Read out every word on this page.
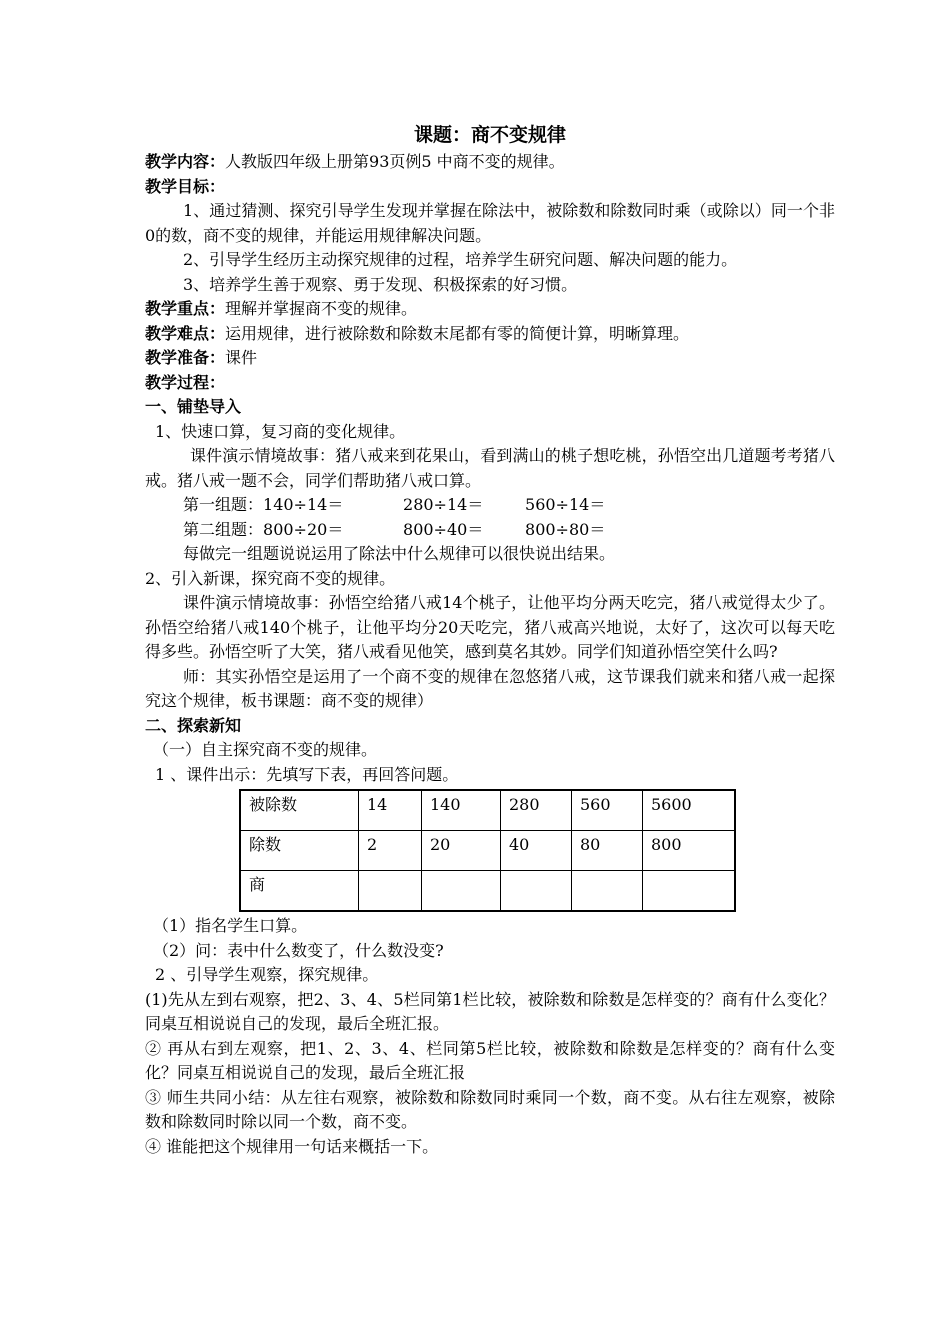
课题：商不变规律
教学内容：人教版四年级上册第93页例5 中商不变的规律。
教学目标：
1、通过猜测、探究引导学生发现并掌握在除法中，被除数和除数同时乘（或除以）同一个非0的数，商不变的规律，并能运用规律解决问题。
2、引导学生经历主动探究规律的过程，培养学生研究问题、解决问题的能力。
3、培养学生善于观察、勇于发现、积极探索的好习惯。
教学重点：理解并掌握商不变的规律。
教学难点：运用规律，进行被除数和除数末尾都有零的简便计算，明晰算理。
教学准备：课件
教学过程：
一、铺垫导入
1、快速口算，复习商的变化规律。
课件演示情境故事：猪八戒来到花果山，看到满山的桃子想吃桃，孙悟空出几道题考考猪八戒。猪八戒一题不会，同学们帮助猪八戒口算。
第一组题：140÷14＝	280÷14＝	560÷14＝
第二组题：800÷20＝	800÷40＝	800÷80＝
每做完一组题说说运用了除法中什么规律可以很快说出结果。
2、引入新课，探究商不变的规律。
课件演示情境故事：孙悟空给猪八戒14个桃子，让他平均分两天吃完，猪八戒觉得太少了。孙悟空给猪八戒140个桃子，让他平均分20天吃完，猪八戒高兴地说，太好了，这次可以每天吃得多些。孙悟空听了大笑，猪八戒看见他笑，感到莫名其妙。同学们知道孙悟空笑什么吗?
师：其实孙悟空是运用了一个商不变的规律在忽悠猪八戒，这节课我们就来和猪八戒一起探究这个规律，板书课题：商不变的规律）
二、探索新知
（一）自主探究商不变的规律。
1 、课件出示：先填写下表，再回答问题。
被除数	14	140	280	560	5600
除数	2	20	40	80	800
商					
（1）指名学生口算。
（2）问：表中什么数变了，什么数没变?
2 、引导学生观察，探究规律。
(1)先从左到右观察，把2、3、4、5栏同第1栏比较，被除数和除数是怎样变的？商有什么变化？同桌互相说说自己的发现，最后全班汇报。
② 再从右到左观察，把1、2、3、4、栏同第5栏比较，被除数和除数是怎样变的？商有什么变化？同桌互相说说自己的发现，最后全班汇报
③ 师生共同小结：从左往右观察，被除数和除数同时乘同一个数，商不变。从右往左观察，被除数和除数同时除以同一个数，商不变。
④ 谁能把这个规律用一句话来概括一下。
